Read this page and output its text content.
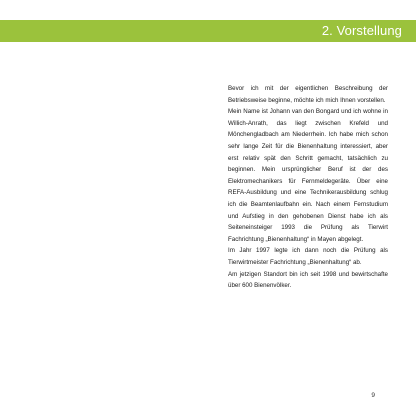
2. Vorstellung

Bevor ich mit der eigentlichen Beschreibung der Betriebsweise beginne, möchte ich mich Ihnen vorstellen.

Mein Name ist Johann van den Bongard und ich wohne in Willich-Anrath, das liegt zwischen Krefeld und Mönchengladbach am Niederrhein. Ich habe mich schon sehr lange Zeit für die Bienenhaltung interessiert, aber erst relativ spät den Schritt gemacht, tatsächlich zu beginnen. Mein ursprünglicher Beruf ist der des Elektromechanikers für Fernmeldegeräte. Über eine REFA-Ausbildung und eine Technikerausbildung schlug ich die Beamtenlaufbahn ein. Nach einem Fernstudium und Aufstieg in den gehobenen Dienst habe ich als Seiteneinsteiger 1993 die Prüfung als Tierwirt Fachrichtung „Bienenhaltung“ in Mayen abgelegt.

Im Jahr 1997 legte ich dann noch die Prüfung als Tierwirtmeister Fachrichtung „Bienenhaltung“ ab.

Am jetzigen Standort bin ich seit 1998 und bewirtschafte über 600 Bienenvölker.

9
